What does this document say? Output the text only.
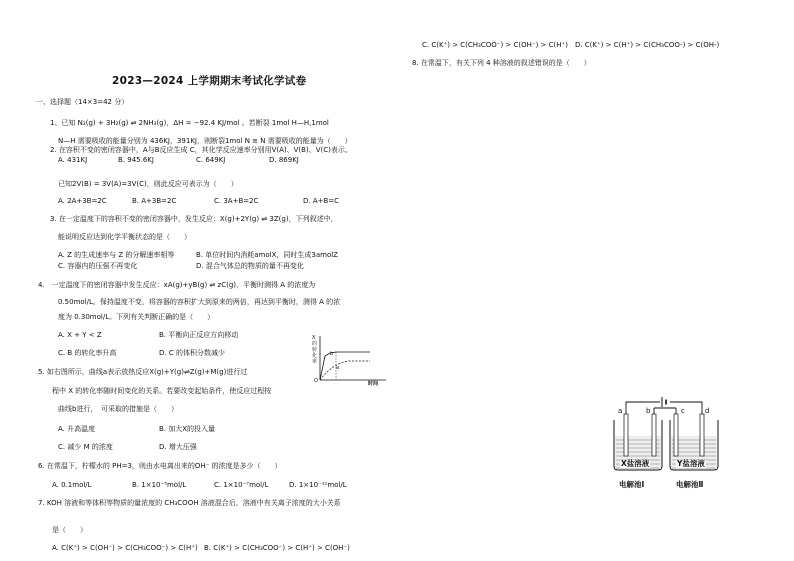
2023—2024 上学期期末考试化学试卷
一、选择题（14×3=42 分）
1、已知 N₂(g) + 3H₂(g) ⇌ 2NH₃(g)，ΔH = −92.4 KJ/mol 。若断裂 1mol H—H,1mol
N—H 需要吸收的能量分别为 436KJ，391KJ，则断裂1mol N ≡ N 需要吸收的能量为（　　）
A. 431KJ	B. 945.6KJ	C. 649KJ	D. 869KJ
2. 在容积不变的密闭容器中，A与B反应生成 C，其化学反应速率分别用V(A)、V(B)、V(C)表示。
已知2V(B) = 3V(A)=3V(C)，则此反应可表示为（　　）
A. 2A+3B=2C	B. A+3B=2C	C. 3A+B=2C	D. A+B=C
3. 在一定温度下的容积不变的密闭容器中，发生反应：X(g)+2Y(g) ⇌ 3Z(g)，下列叙述中，
能说明反应达到化学平衡状态的是（　　）
A. Z 的生成速率与 Z 的分解速率相等	B. 单位时间内消耗amolX，同时生成3amolZ
C. 容器内的压强不再变化	D. 混合气体总的物质的量不再变化
4.　一定温度下的密闭容器中发生反应：xA(g)+yB(g) ⇌ zC(g)，平衡时测得 A 的浓度为
0.50mol/L。保持温度不变，将容器的容积扩大到原来的两倍，再达到平衡时，测得 A 的浓
度为 0.30mol/L。下列有关判断正确的是（　　）
A. X + Y < Z	B. 平衡向正反应方向移动
C. B 的转化率升高	D. C 的体积分数减少
5. 如右图所示，曲线a表示放热反应X(g)+Y(g)⇌Z(g)+M(g)进行过
程中 X 的转化率随时间变化的关系。若要改变起始条件，使反应过程按
曲线b进行，　可采取的措施是（　　）
A. 升高温度	B. 加大X的投入量
C. 减少 M 的浓度	D. 增大压强
X
的
转
化
率
O	时间
b
a
6. 在常温下，柠檬水的 PH=3，则由水电离出来的OH⁻ 的浓度是多少（　　）
A. 0.1mol/L	B. 1×10⁻³mol/L	C. 1×10⁻⁷mol/L	D. 1×10⁻¹¹mol/L
7. KOH 溶液和等体积等物质的量浓度的 CH₃COOH 溶液混合后，溶液中有关离子浓度的大小关系
是（　　）
A. C(K⁺) > C(OH⁻) > C(CH₃COO⁻) > C(H⁺) B. C(K⁺) > C(CH₃COO⁻) > C(H⁺) > C(OH⁻)
C. C(K⁺) > C(CH₃COO⁻) > C(OH⁻) > C(H⁺)　D. C(K⁺) > C(H⁺) > C(CH₃COO-) > C(OH-)
8. 在常温下，有关下列 4 种溶液的叙述错误的是（　　）
a	b	c	d
X盐溶液	Y盐溶液
电解池Ⅰ	电解池Ⅱ
